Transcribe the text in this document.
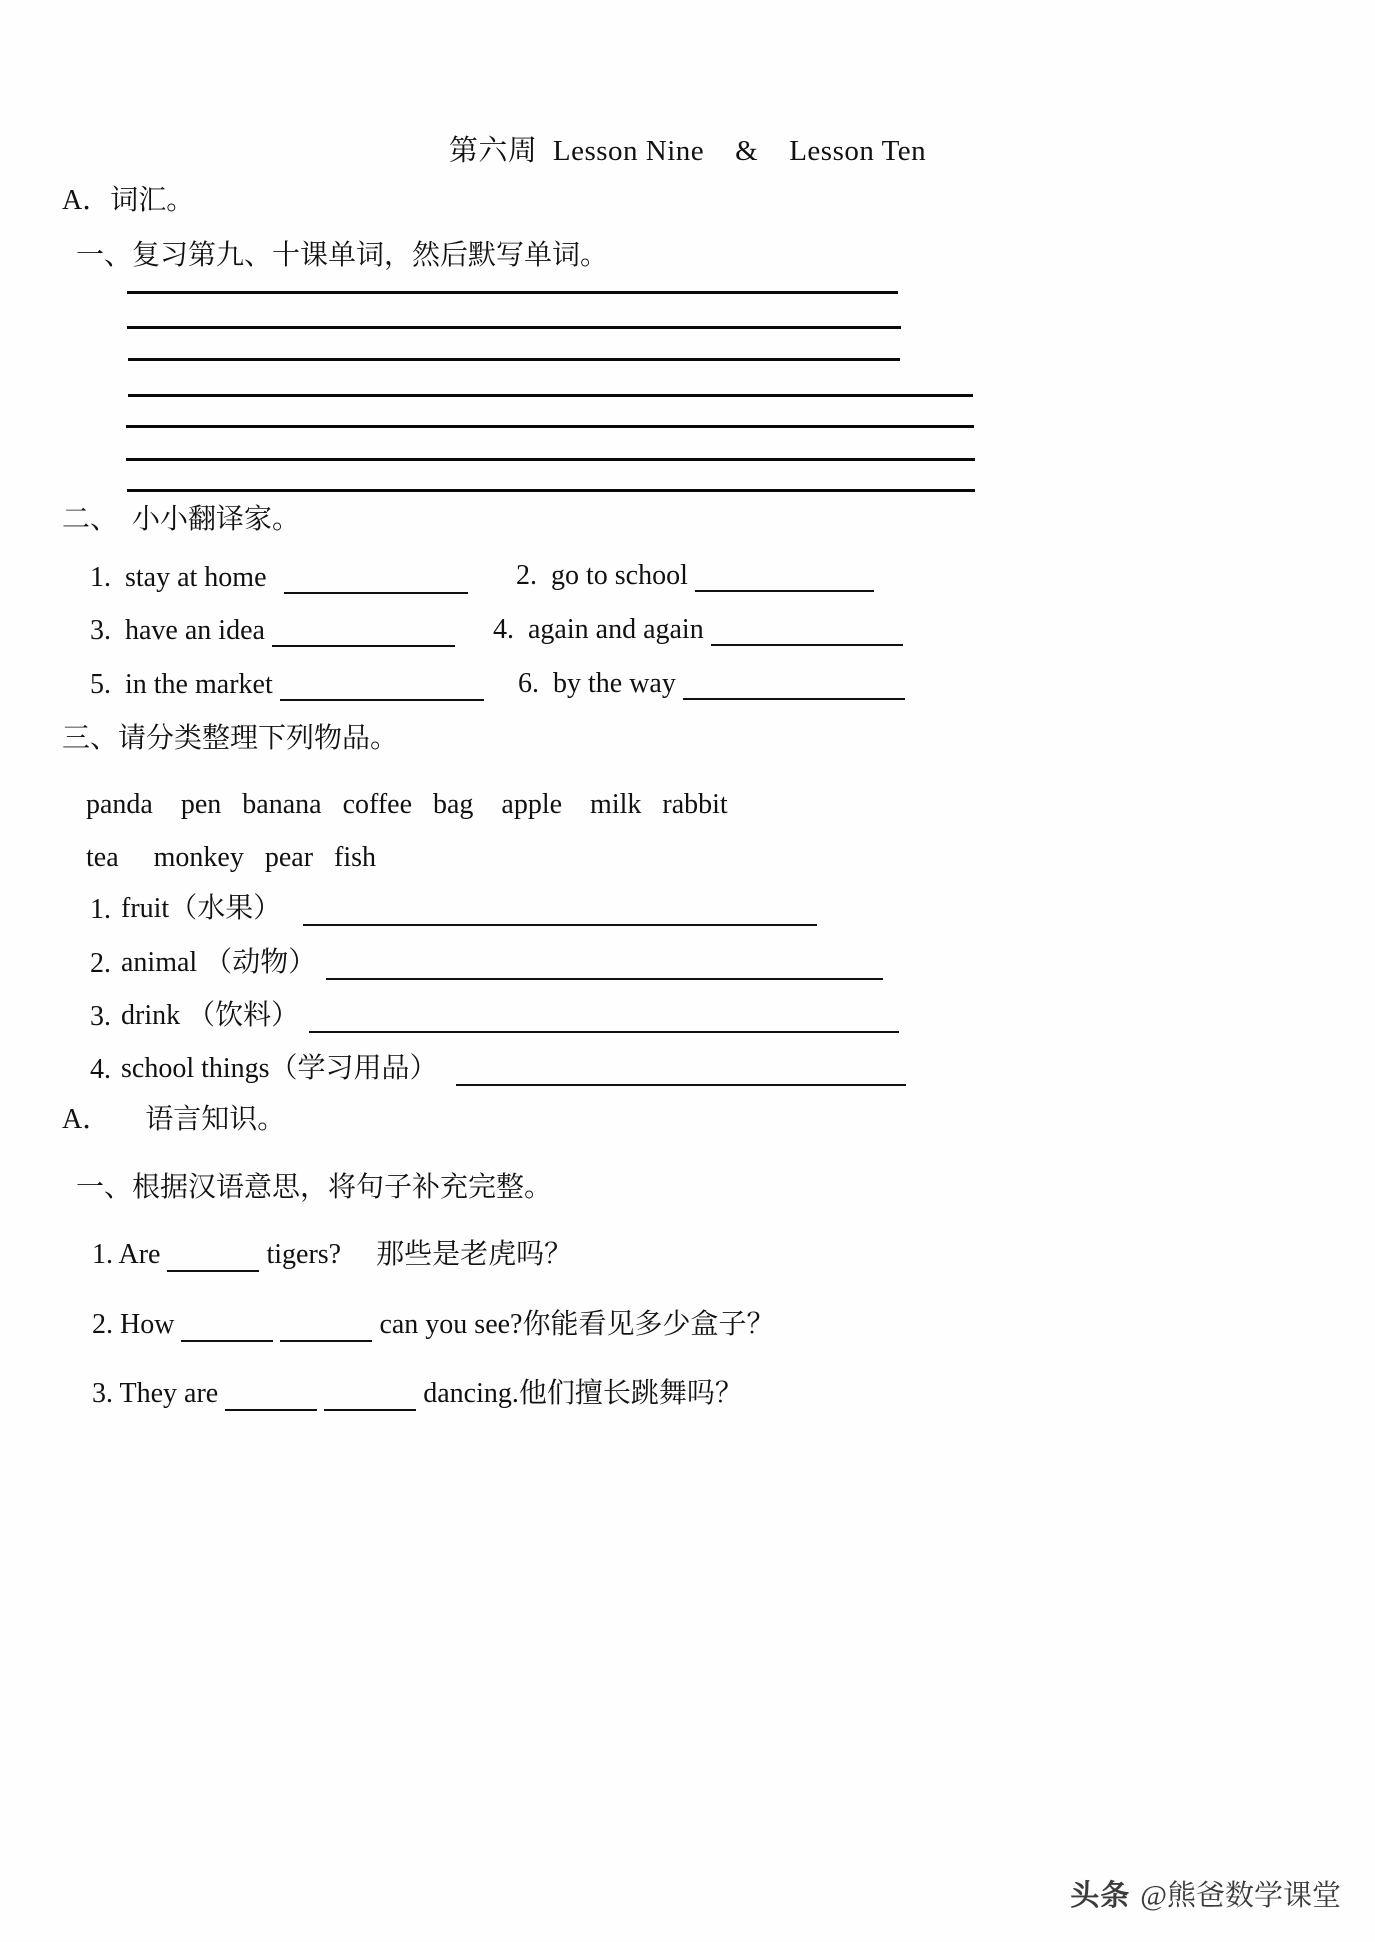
第六周  Lesson Nine    &    Lesson Ten
A．词汇。
一、复习第九、十课单词，然后默写单词。
二、  小小翻译家。
1. stay at home	2. go to school
3. have an idea	4. again and again
5. in the market	6. by the way
三、请分类整理下列物品。
panda    pen   banana   coffee   bag    apple    milk   rabbit
tea     monkey   pear   fish
1. fruit（水果）
2. animal （动物）
3. drink （饮料）
4. school things（学习用品）
A． 　语言知识。
一、根据汉语意思，将句子补充完整。
1. Are	tigers?　 那些是老虎吗？
2. How	can you see?你能看见多少盒子？
3. They are	dancing.他们擅长跳舞吗？
头条 @熊爸数学课堂
